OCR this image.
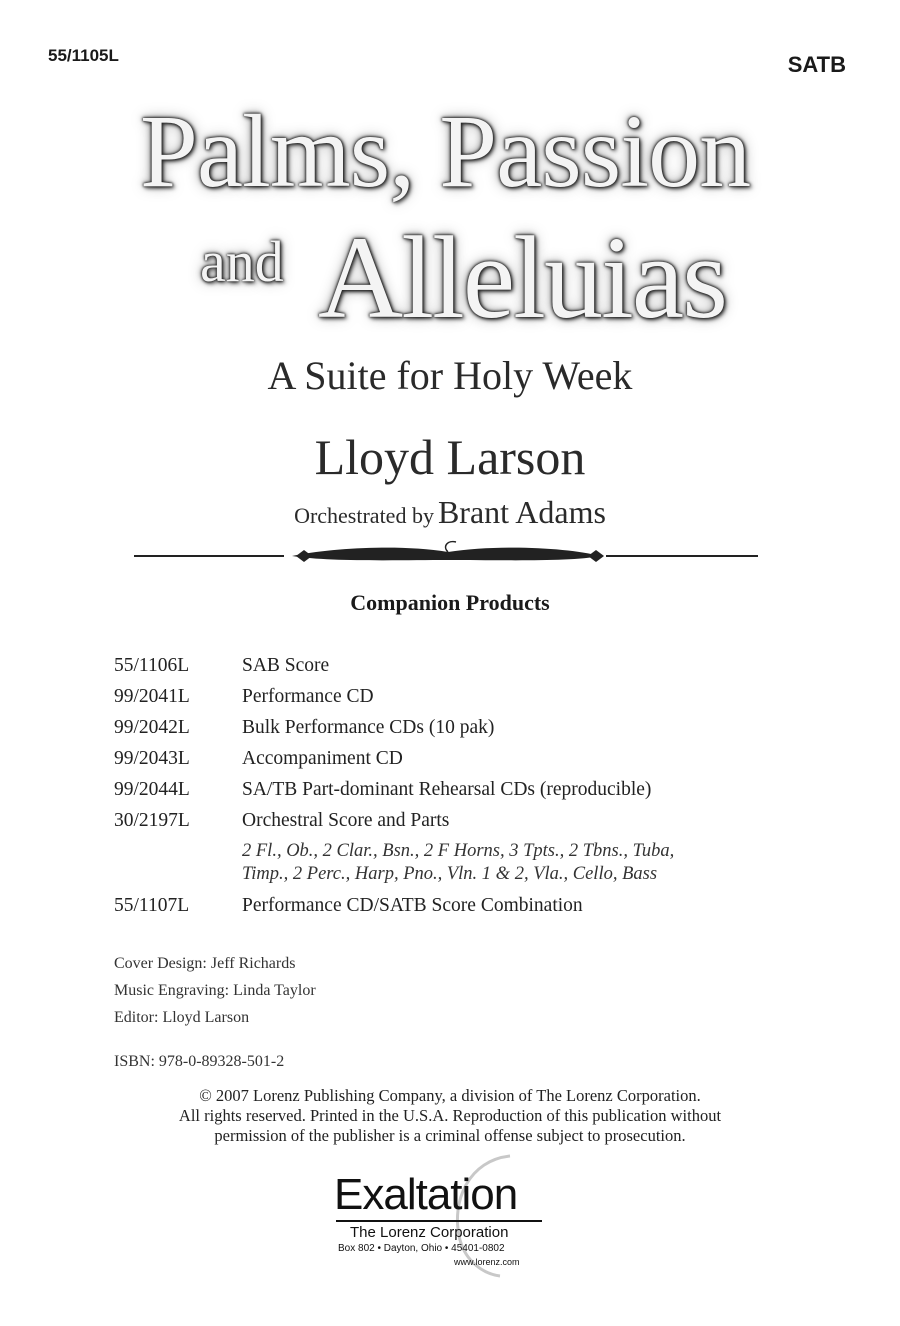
55/1105L	SATB
Palms, Passion
and Alleluias
A Suite for Holy Week
Lloyd Larson
Orchestrated by Brant Adams
Companion Products
55/1106L	SAB Score
99/2041L	Performance CD
99/2042L	Bulk Performance CDs (10 pak)
99/2043L	Accompaniment CD
99/2044L	SA/TB Part-dominant Rehearsal CDs (reproducible)
30/2197L	Orchestral Score and Parts
2 Fl., Ob., 2 Clar., Bsn., 2 F Horns, 3 Tpts., 2 Tbns., Tuba,
Timp., 2 Perc., Harp, Pno., Vln. 1 & 2, Vla., Cello, Bass
55/1107L	Performance CD/SATB Score Combination
Cover Design: Jeff Richards
Music Engraving: Linda Taylor
Editor: Lloyd Larson
ISBN: 978-0-89328-501-2
© 2007 Lorenz Publishing Company, a division of The Lorenz Corporation.
All rights reserved. Printed in the U.S.A. Reproduction of this publication without
permission of the publisher is a criminal offense subject to prosecution.
Exaltation
The Lorenz Corporation
Box 802 • Dayton, Ohio • 45401-0802
www.lorenz.com
